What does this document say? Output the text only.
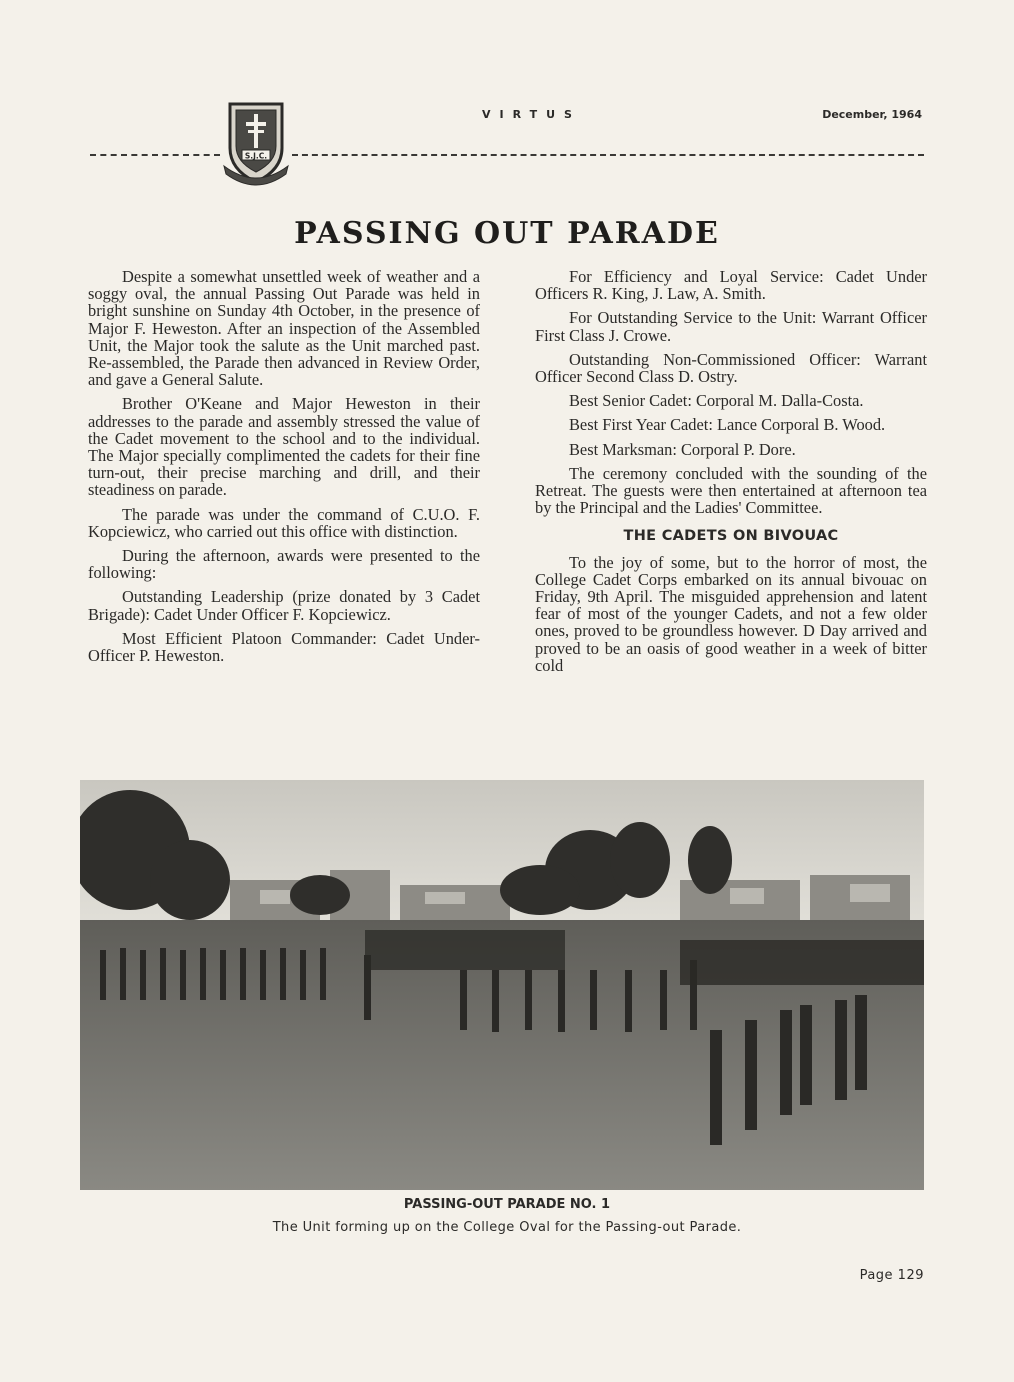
S.J.C.
VIRTUS	December, 1964
PASSING OUT PARADE

Despite a somewhat unsettled week of weather and a soggy oval, the annual Passing Out Parade was held in bright sunshine on Sunday 4th October, in the presence of Major F. Heweston. After an inspection of the Assembled Unit, the Major took the salute as the Unit marched past. Re-assembled, the Parade then advanced in Review Order, and gave a General Salute.

Brother O'Keane and Major Heweston in their addresses to the parade and assembly stressed the value of the Cadet movement to the school and to the individual. The Major specially complimented the cadets for their fine turn-out, their precise marching and drill, and their steadiness on parade.

The parade was under the command of C.U.O. F. Kopciewicz, who carried out this office with distinction.

During the afternoon, awards were presented to the following:

Outstanding Leadership (prize donated by 3 Cadet Brigade): Cadet Under Officer F. Kopciewicz.

Most Efficient Platoon Commander: Cadet Under-Officer P. Heweston.

For Efficiency and Loyal Service: Cadet Under Officers R. King, J. Law, A. Smith.

For Outstanding Service to the Unit: Warrant Officer First Class J. Crowe.

Outstanding Non-Commissioned Officer: Warrant Officer Second Class D. Ostry.

Best Senior Cadet: Corporal M. Dalla-Costa.

Best First Year Cadet: Lance Corporal B. Wood.

Best Marksman: Corporal P. Dore.

The ceremony concluded with the sounding of the Retreat. The guests were then entertained at afternoon tea by the Principal and the Ladies' Committee.

THE CADETS ON BIVOUAC

To the joy of some, but to the horror of most, the College Cadet Corps embarked on its annual bivouac on Friday, 9th April. The misguided apprehension and latent fear of most of the younger Cadets, and not a few older ones, proved to be groundless however. D Day arrived and proved to be an oasis of good weather in a week of bitter cold

PASSING-OUT PARADE NO. 1
The Unit forming up on the College Oval for the Passing-out Parade.
Page 129
